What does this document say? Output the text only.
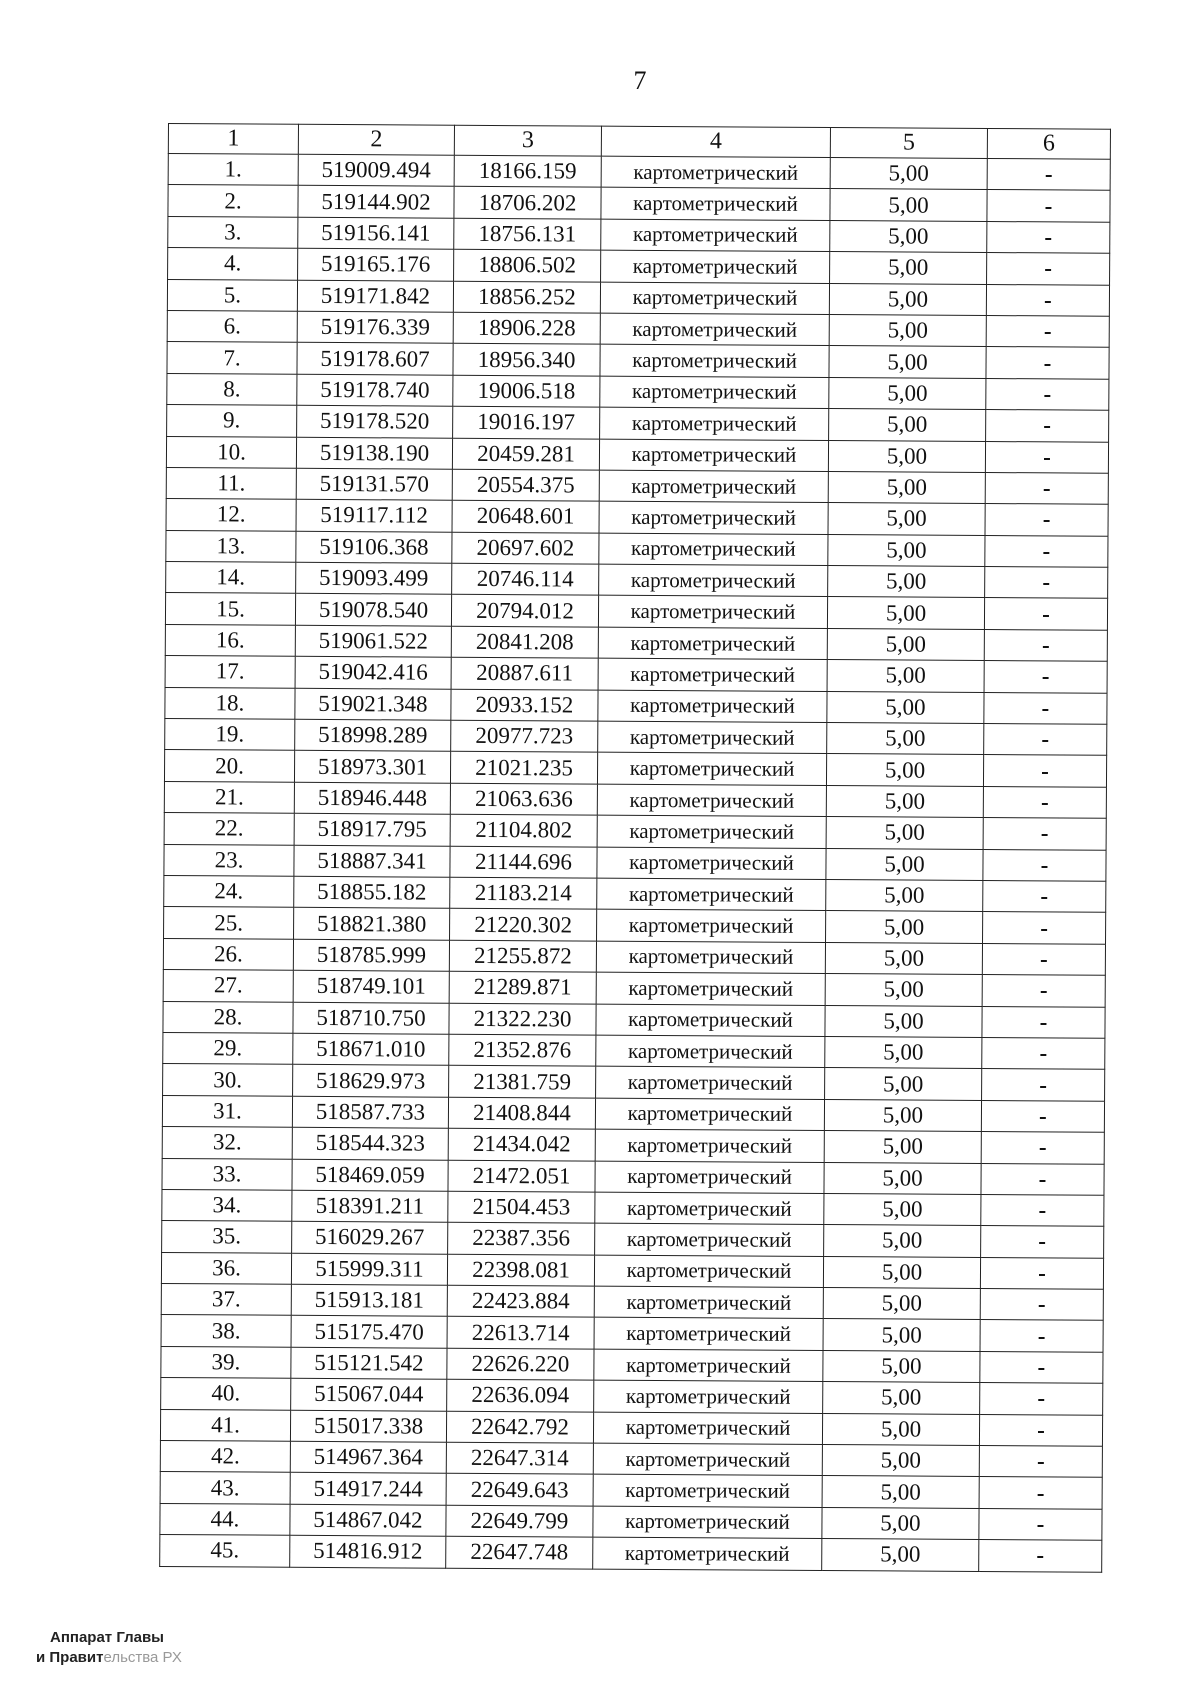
7
1	2	3	4	5	6
1.	519009.494	18166.159	картометрический	5,00	-
2.	519144.902	18706.202	картометрический	5,00	-
3.	519156.141	18756.131	картометрический	5,00	-
4.	519165.176	18806.502	картометрический	5,00	-
5.	519171.842	18856.252	картометрический	5,00	-
6.	519176.339	18906.228	картометрический	5,00	-
7.	519178.607	18956.340	картометрический	5,00	-
8.	519178.740	19006.518	картометрический	5,00	-
9.	519178.520	19016.197	картометрический	5,00	-
10.	519138.190	20459.281	картометрический	5,00	-
11.	519131.570	20554.375	картометрический	5,00	-
12.	519117.112	20648.601	картометрический	5,00	-
13.	519106.368	20697.602	картометрический	5,00	-
14.	519093.499	20746.114	картометрический	5,00	-
15.	519078.540	20794.012	картометрический	5,00	-
16.	519061.522	20841.208	картометрический	5,00	-
17.	519042.416	20887.611	картометрический	5,00	-
18.	519021.348	20933.152	картометрический	5,00	-
19.	518998.289	20977.723	картометрический	5,00	-
20.	518973.301	21021.235	картометрический	5,00	-
21.	518946.448	21063.636	картометрический	5,00	-
22.	518917.795	21104.802	картометрический	5,00	-
23.	518887.341	21144.696	картометрический	5,00	-
24.	518855.182	21183.214	картометрический	5,00	-
25.	518821.380	21220.302	картометрический	5,00	-
26.	518785.999	21255.872	картометрический	5,00	-
27.	518749.101	21289.871	картометрический	5,00	-
28.	518710.750	21322.230	картометрический	5,00	-
29.	518671.010	21352.876	картометрический	5,00	-
30.	518629.973	21381.759	картометрический	5,00	-
31.	518587.733	21408.844	картометрический	5,00	-
32.	518544.323	21434.042	картометрический	5,00	-
33.	518469.059	21472.051	картометрический	5,00	-
34.	518391.211	21504.453	картометрический	5,00	-
35.	516029.267	22387.356	картометрический	5,00	-
36.	515999.311	22398.081	картометрический	5,00	-
37.	515913.181	22423.884	картометрический	5,00	-
38.	515175.470	22613.714	картометрический	5,00	-
39.	515121.542	22626.220	картометрический	5,00	-
40.	515067.044	22636.094	картометрический	5,00	-
41.	515017.338	22642.792	картометрический	5,00	-
42.	514967.364	22647.314	картометрический	5,00	-
43.	514917.244	22649.643	картометрический	5,00	-
44.	514867.042	22649.799	картометрический	5,00	-
45.	514816.912	22647.748	картометрический	5,00	-
Аппарат Главы
и Правительства РХ
